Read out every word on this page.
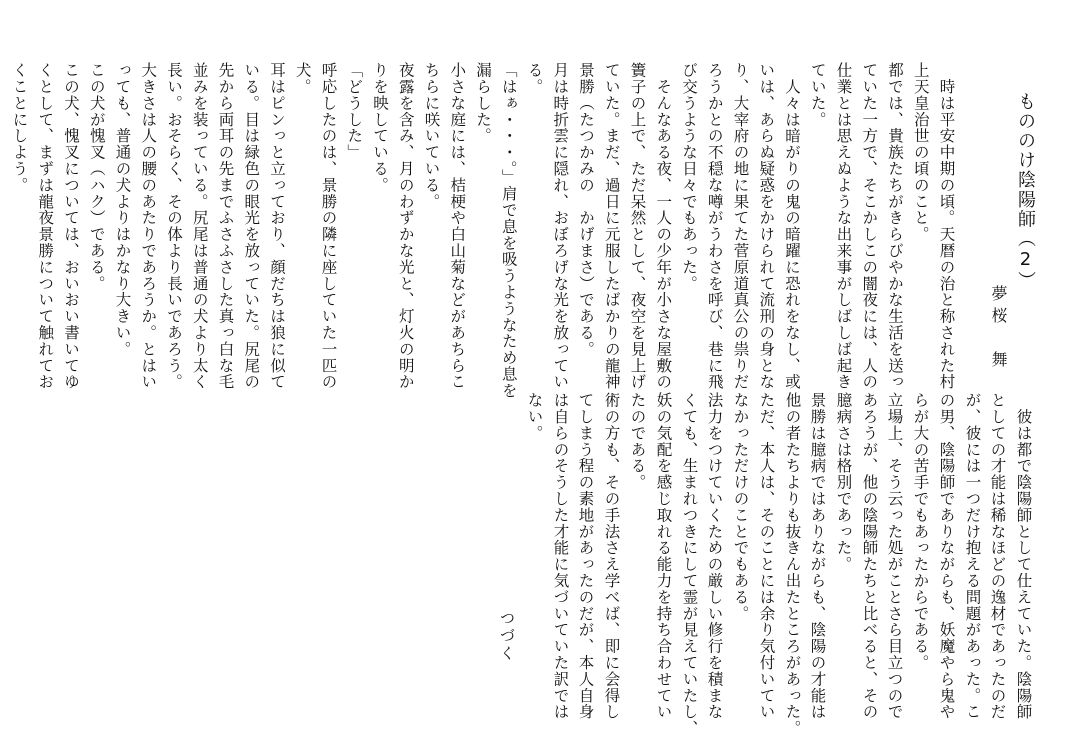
もののけ陰陽師（2）

夢桜　舞

つづく

　時は平安中期の頃。天暦の治と称された村

上天皇治世の頃のこと。

都では、貴族たちがきらびやかな生活を送っ

ていた一方で、そこかしこの闇夜には、人の

仕業とは思えぬような出来事がしばしば起き

ていた。

　人々は暗がりの鬼の暗躍に恐れをなし、或

いは、あらぬ疑惑をかけられて流刑の身とな

り、大宰府の地に果てた菅原道真公の祟りだ

ろうかとの不穏な噂がうわさを呼び、巷に飛

び交うような日々でもあった。

　そんなある夜、一人の少年が小さな屋敷の

簀子の上で、ただ呆然として、夜空を見上げ

ていた。まだ、過日に元服したばかりの龍神

景勝（たつかみの　かげまさ）である。

月は時折雲に隠れ、おぼろげな光を放ってい

る。

「はぁ・・・。」肩で息を吸うようなため息を

漏らした。

小さな庭には、桔梗や白山菊などがあちらこ

ちらに咲いている。

夜露を含み、月のわずかな光と、灯火の明か

りを映している。

「どうした」

呼応したのは、景勝の隣に座していた一匹の

犬。

耳はピンっと立っており、顔だちは狼に似て

いる。目は緑色の眼光を放っていた。尻尾の

先から両耳の先までふさふさした真っ白な毛

並みを装っている。尻尾は普通の犬より太く

長い。おそらく、その体より長いであろう。

大きさは人の腰のあたりであろうか。とはい

っても、普通の犬よりはかなり大きい。

この犬が愧叉（ハク）である。

この犬、愧叉については、おいおい書いてゆ

くとして、まずは龍夜景勝について触れてお

くことにしよう。

　彼は都で陰陽師として仕えていた。陰陽師

としての才能は稀なほどの逸材であったのだ

が、彼には一つだけ抱える問題があった。こ

の男、陰陽師でありながらも、妖魔やら鬼や

らが大の苦手でもあったからである。

立場上、そう云った処がことさら目立つので

あろうが、他の陰陽師たちと比べると、その

臆病さは格別であった。

景勝は臆病ではありながらも、陰陽の才能は

他の者たちよりも抜きん出たところがあった。

ただ、本人は、そのことには余り気付いてい

なかっただけのことでもある。

法力をつけていくための厳しい修行を積まな

くても、生まれつきにして霊が見えていたし、

妖の気配を感じ取れる能力を持ち合わせてい

たのである。

術の方も、その手法さえ学べば、即に会得し

てしまう程の素地があったのだが、本人自身

は自らのそうした才能に気づいていた訳では

ない。
